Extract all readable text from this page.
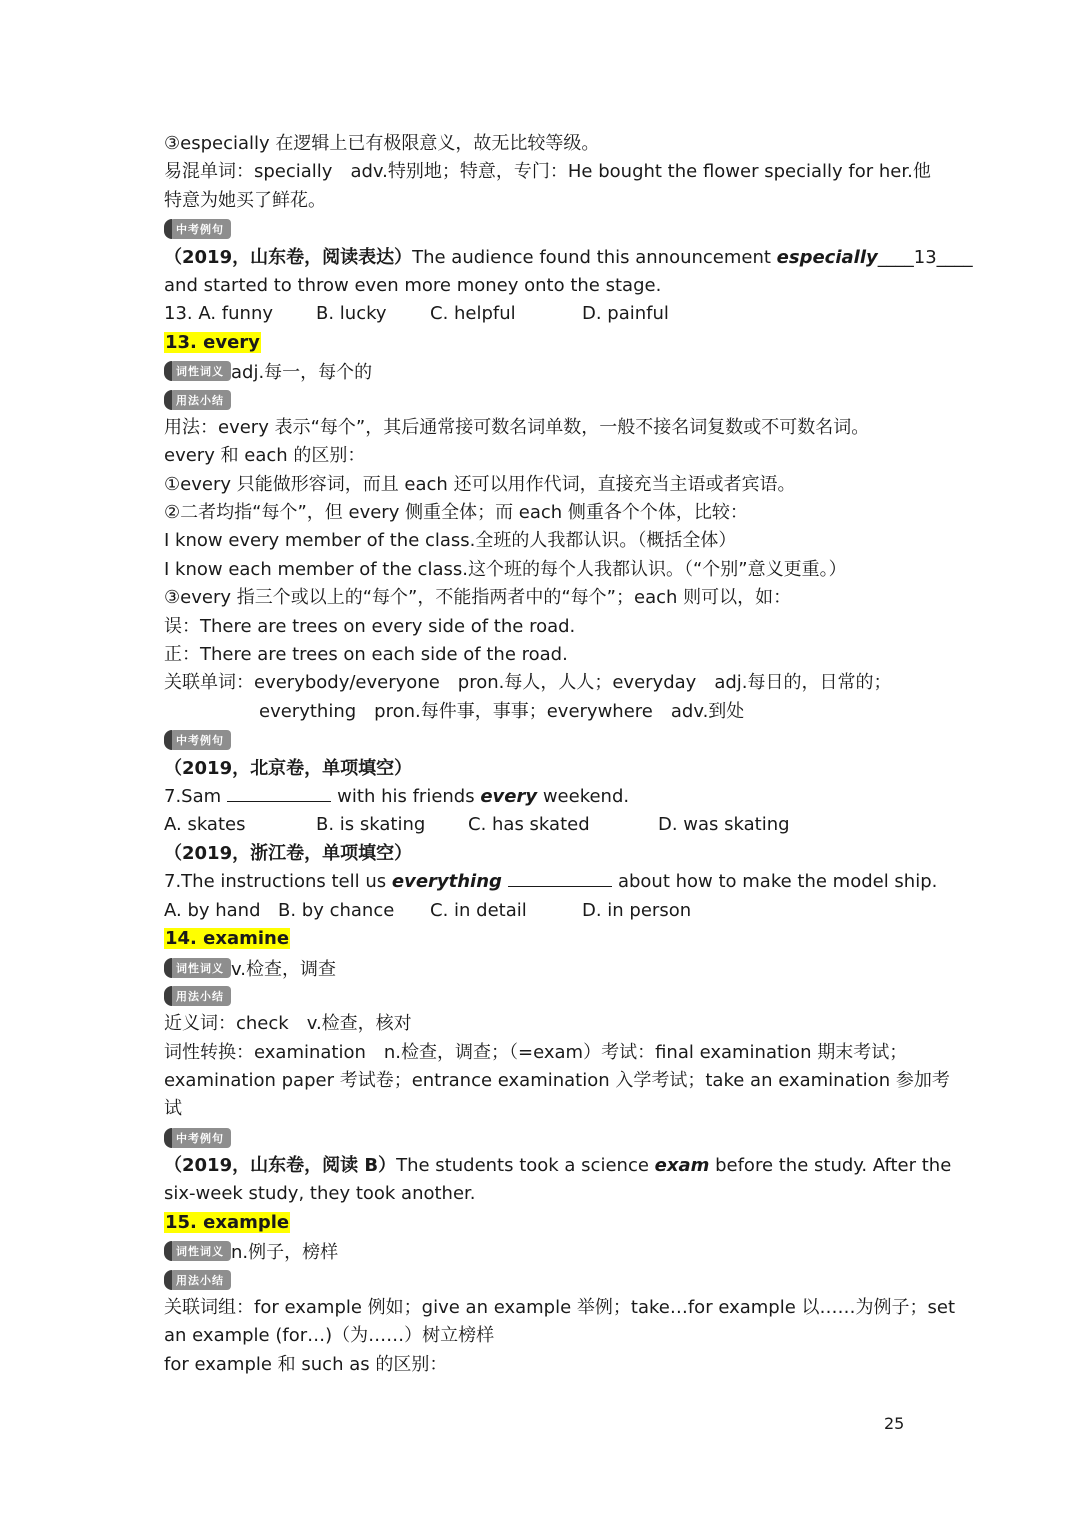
③especially 在逻辑上已有极限意义，故无比较等级。
易混单词：specially　adv.特别地；特意，专门：He bought the flower specially for her.他
特意为她买了鲜花。
中考例句
（2019，山东卷，阅读表达）The audience found this announcement especially____13____
and started to throw even more money onto the stage.
13. A. funny	B. lucky	C. helpful	D. painful
13. every
词性词义 adj.每一，每个的
用法小结
用法：every 表示“每个”，其后通常接可数名词单数，一般不接名词复数或不可数名词。
every 和 each 的区别：
①every 只能做形容词，而且 each 还可以用作代词，直接充当主语或者宾语。
②二者均指“每个”，但 every 侧重全体；而 each 侧重各个个体，比较：
I know every member of the class.全班的人我都认识。（概括全体）
I know each member of the class.这个班的每个人我都认识。（“个别”意义更重。）
③every 指三个或以上的“每个”，不能指两者中的“每个”；each 则可以，如：
误：There are trees on every side of the road.
正：There are trees on each side of the road.
关联单词：everybody/everyone　pron.每人，人人；everyday　adj.每日的，日常的；
everything　pron.每件事，事事；everywhere　adv.到处
中考例句
（2019，北京卷，单项填空）
7.Sam	with his friends every weekend.
A. skates	B. is skating	C. has skated	D. was skating
（2019，浙江卷，单项填空）
7.The instructions tell us everything	about how to make the model ship.
A. by hand B. by chance	C. in detail	D. in person
14. examine
词性词义 v.检查，调查
用法小结
近义词：check　v.检查，核对
词性转换：examination　n.检查，调查；（=exam）考试：final examination 期末考试；
examination paper 考试卷；entrance examination 入学考试；take an examination 参加考
试
中考例句
（2019，山东卷，阅读 B）The students took a science exam before the study. After the
six-week study, they took another.
15. example
词性词义 n.例子，榜样
用法小结
关联词组：for example 例如；give an example 举例；take…for example 以……为例子；set
an example (for…)（为……）树立榜样
for example 和 such as 的区别：
25
